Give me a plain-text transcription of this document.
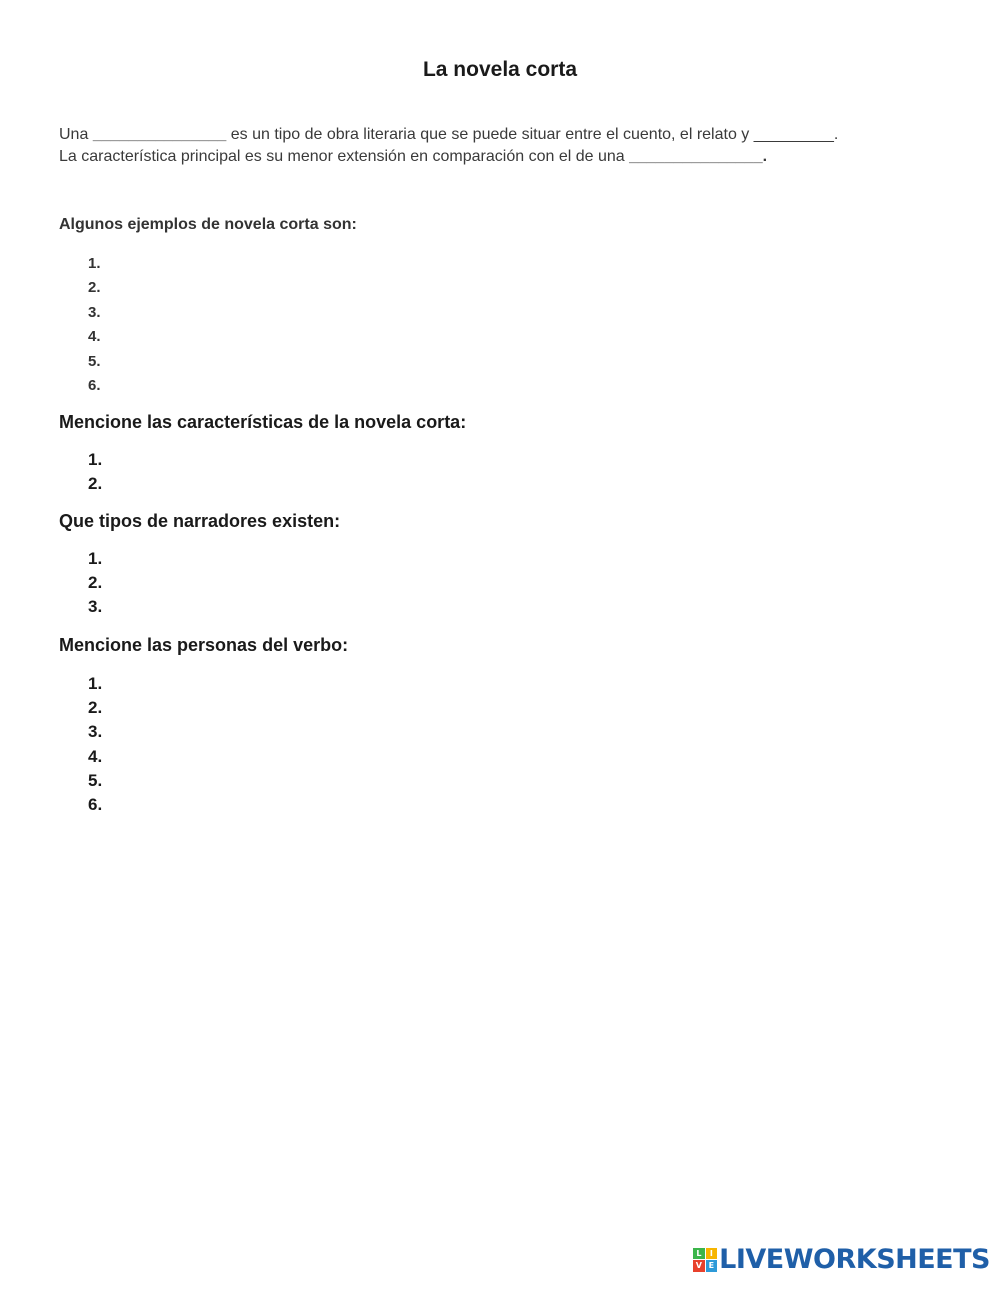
La novela corta
Una _______________ es un tipo de obra literaria que se puede situar entre el cuento, el relato y _________.
La característica principal es su menor extensión en comparación con el de una _______________.
Algunos ejemplos de novela corta son:
1.
2.
3.
4.
5.
6.
Mencione las características de la novela corta:
1.
2.
Que tipos de narradores existen:
1.
2.
3.
Mencione las personas del verbo:
1.
2.
3.
4.
5.
6.
L	I
V E LIVEWORKSHEETS
